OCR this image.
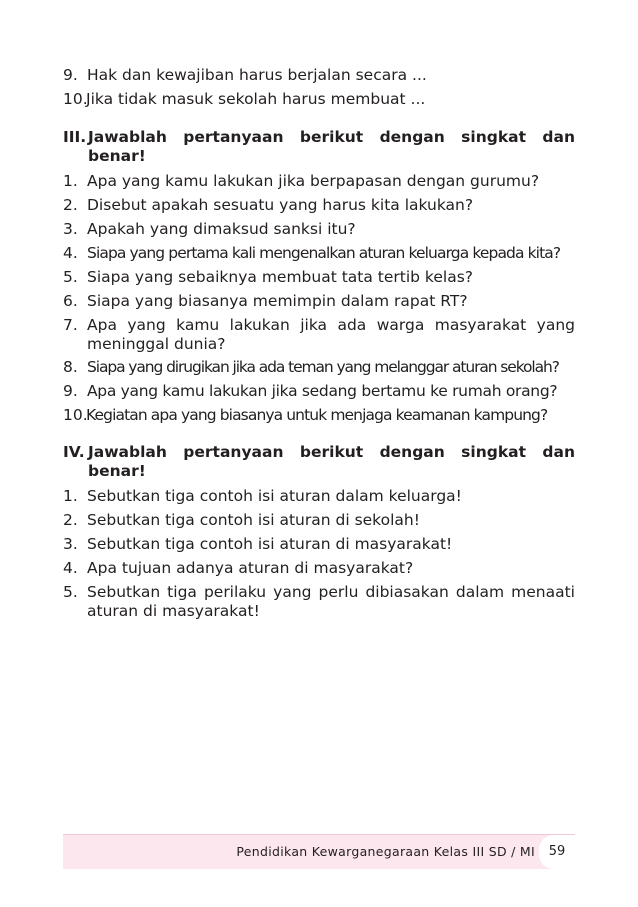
9. Hak dan kewajiban harus berjalan secara ...
10.
Jika tidak masuk sekolah harus membuat ...
III. Jawablah pertanyaan berikut dengan singkat dan benar!
1. Apa yang kamu lakukan jika berpapasan dengan gurumu?
2. Disebut apakah sesuatu yang harus kita lakukan?
3. Apakah yang dimaksud sanksi itu?
4. Siapa yang pertama kali mengenalkan aturan keluarga kepada kita?
5. Siapa yang sebaiknya membuat tata tertib kelas?
6. Siapa yang biasanya memimpin dalam rapat RT?
7. Apa yang kamu lakukan jika ada warga masyarakat yang
meninggal dunia?
8. Siapa yang dirugikan jika ada teman yang melanggar aturan sekolah?
9. Apa yang kamu lakukan jika sedang bertamu ke rumah orang?
10.
Kegiatan apa yang biasanya untuk menjaga keamanan kampung?
IV. Jawablah pertanyaan berikut dengan singkat dan benar!
1. Sebutkan tiga contoh isi aturan dalam keluarga!
2. Sebutkan tiga contoh isi aturan di sekolah!
3. Sebutkan tiga contoh isi aturan di masyarakat!
4. Apa tujuan adanya aturan di masyarakat?
5. Sebutkan tiga perilaku yang perlu dibiasakan dalam menaati
aturan di masyarakat!
Pendidikan Kewarganegaraan Kelas III SD / MI	59
